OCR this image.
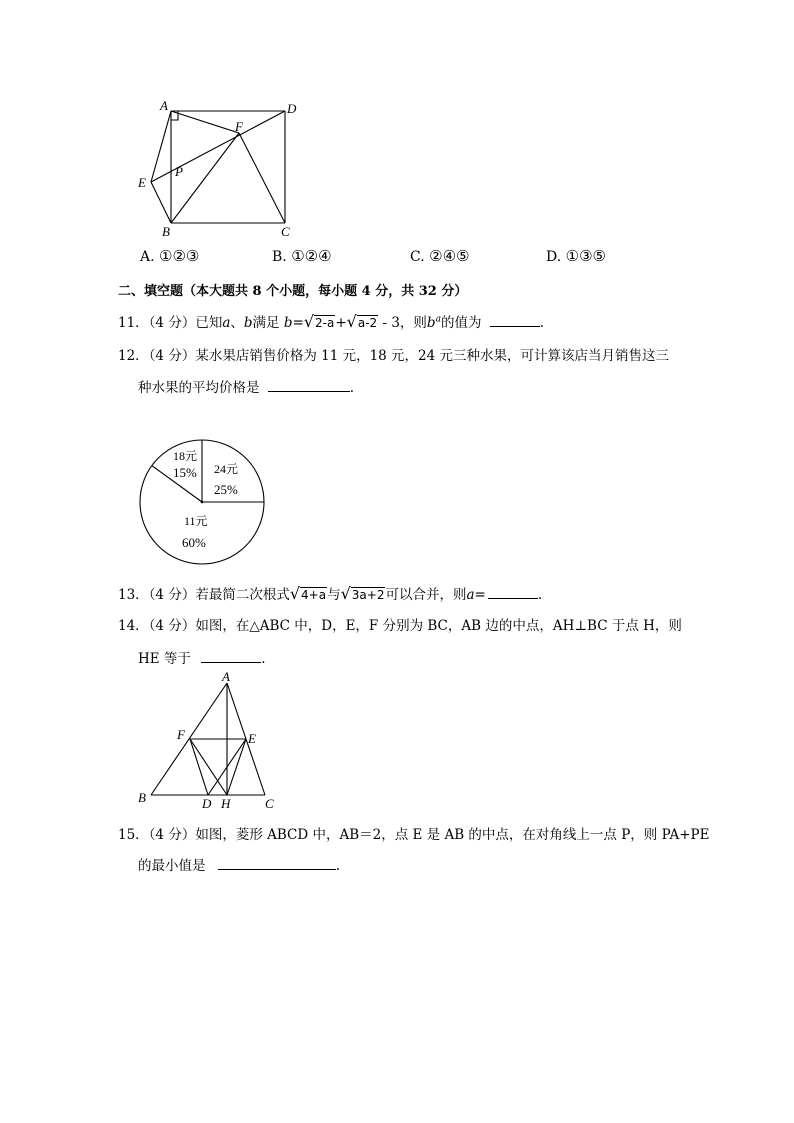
A	D
F
E
P
B	C
A. ①②③	B. ①②④	C. ②④⑤	D. ①③⑤
二、填空题（本大题共 8 个小题，每小题 4 分，共 32 分）
11．（4 分）已知a、b满足 b=√2-a+√a-2 - 3，则$b^a$的值为	.
12．（4 分）某水果店销售价格为 11 元，18 元，24 元三种水果，可计算该店当月销售这三
种水果的平均价格是	.
18元
15% 24元
25%
11元
60%
13．（4 分）若最简二次根式√4+a与√3a+2可以合并，则a=	.
14．（4 分）如图，在△ABC 中，D，E，F 分别为 BC，AB 边的中点，AH⊥BC 于点 H，则
HE 等于	.
A
F	E
B	D H	C
15．（4 分）如图，菱形 ABCD 中，AB＝2，点 E 是 AB 的中点，在对角线上一点 P，则 PA+PE
的最小值是	.
